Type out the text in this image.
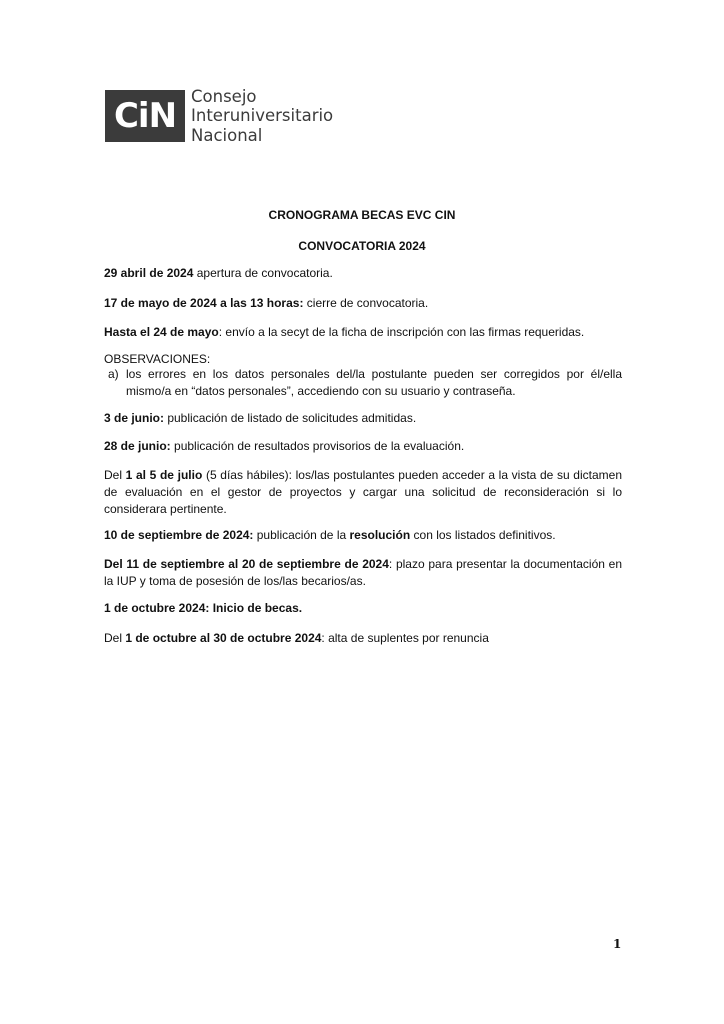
CiN Consejo
Interuniversitario
Nacional
CRONOGRAMA BECAS EVC CIN
CONVOCATORIA 2024
29 abril de 2024 apertura de convocatoria.
17 de mayo de 2024 a las 13 horas: cierre de convocatoria.
Hasta el 24 de mayo: envío a la secyt de la ficha de inscripción con las firmas requeridas.
OBSERVACIONES:
a) los errores en los datos personales del/la postulante pueden ser corregidos por él/ella mismo/a en “datos personales”, accediendo con su usuario y contraseña.
3 de junio: publicación de listado de solicitudes admitidas.
28 de junio: publicación de resultados provisorios de la evaluación.
Del 1 al 5 de julio (5 días hábiles): los/las postulantes pueden acceder a la vista de su dictamen de evaluación en el gestor de proyectos y cargar una solicitud de reconsideración si lo considerara pertinente.
10 de septiembre de 2024: publicación de la resolución con los listados definitivos.
Del 11 de septiembre al 20 de septiembre de 2024: plazo para presentar la documentación en la IUP y toma de posesión de los/las becarios/as.
1 de octubre 2024: Inicio de becas.
Del 1 de octubre al 30 de octubre 2024: alta de suplentes por renuncia
1
